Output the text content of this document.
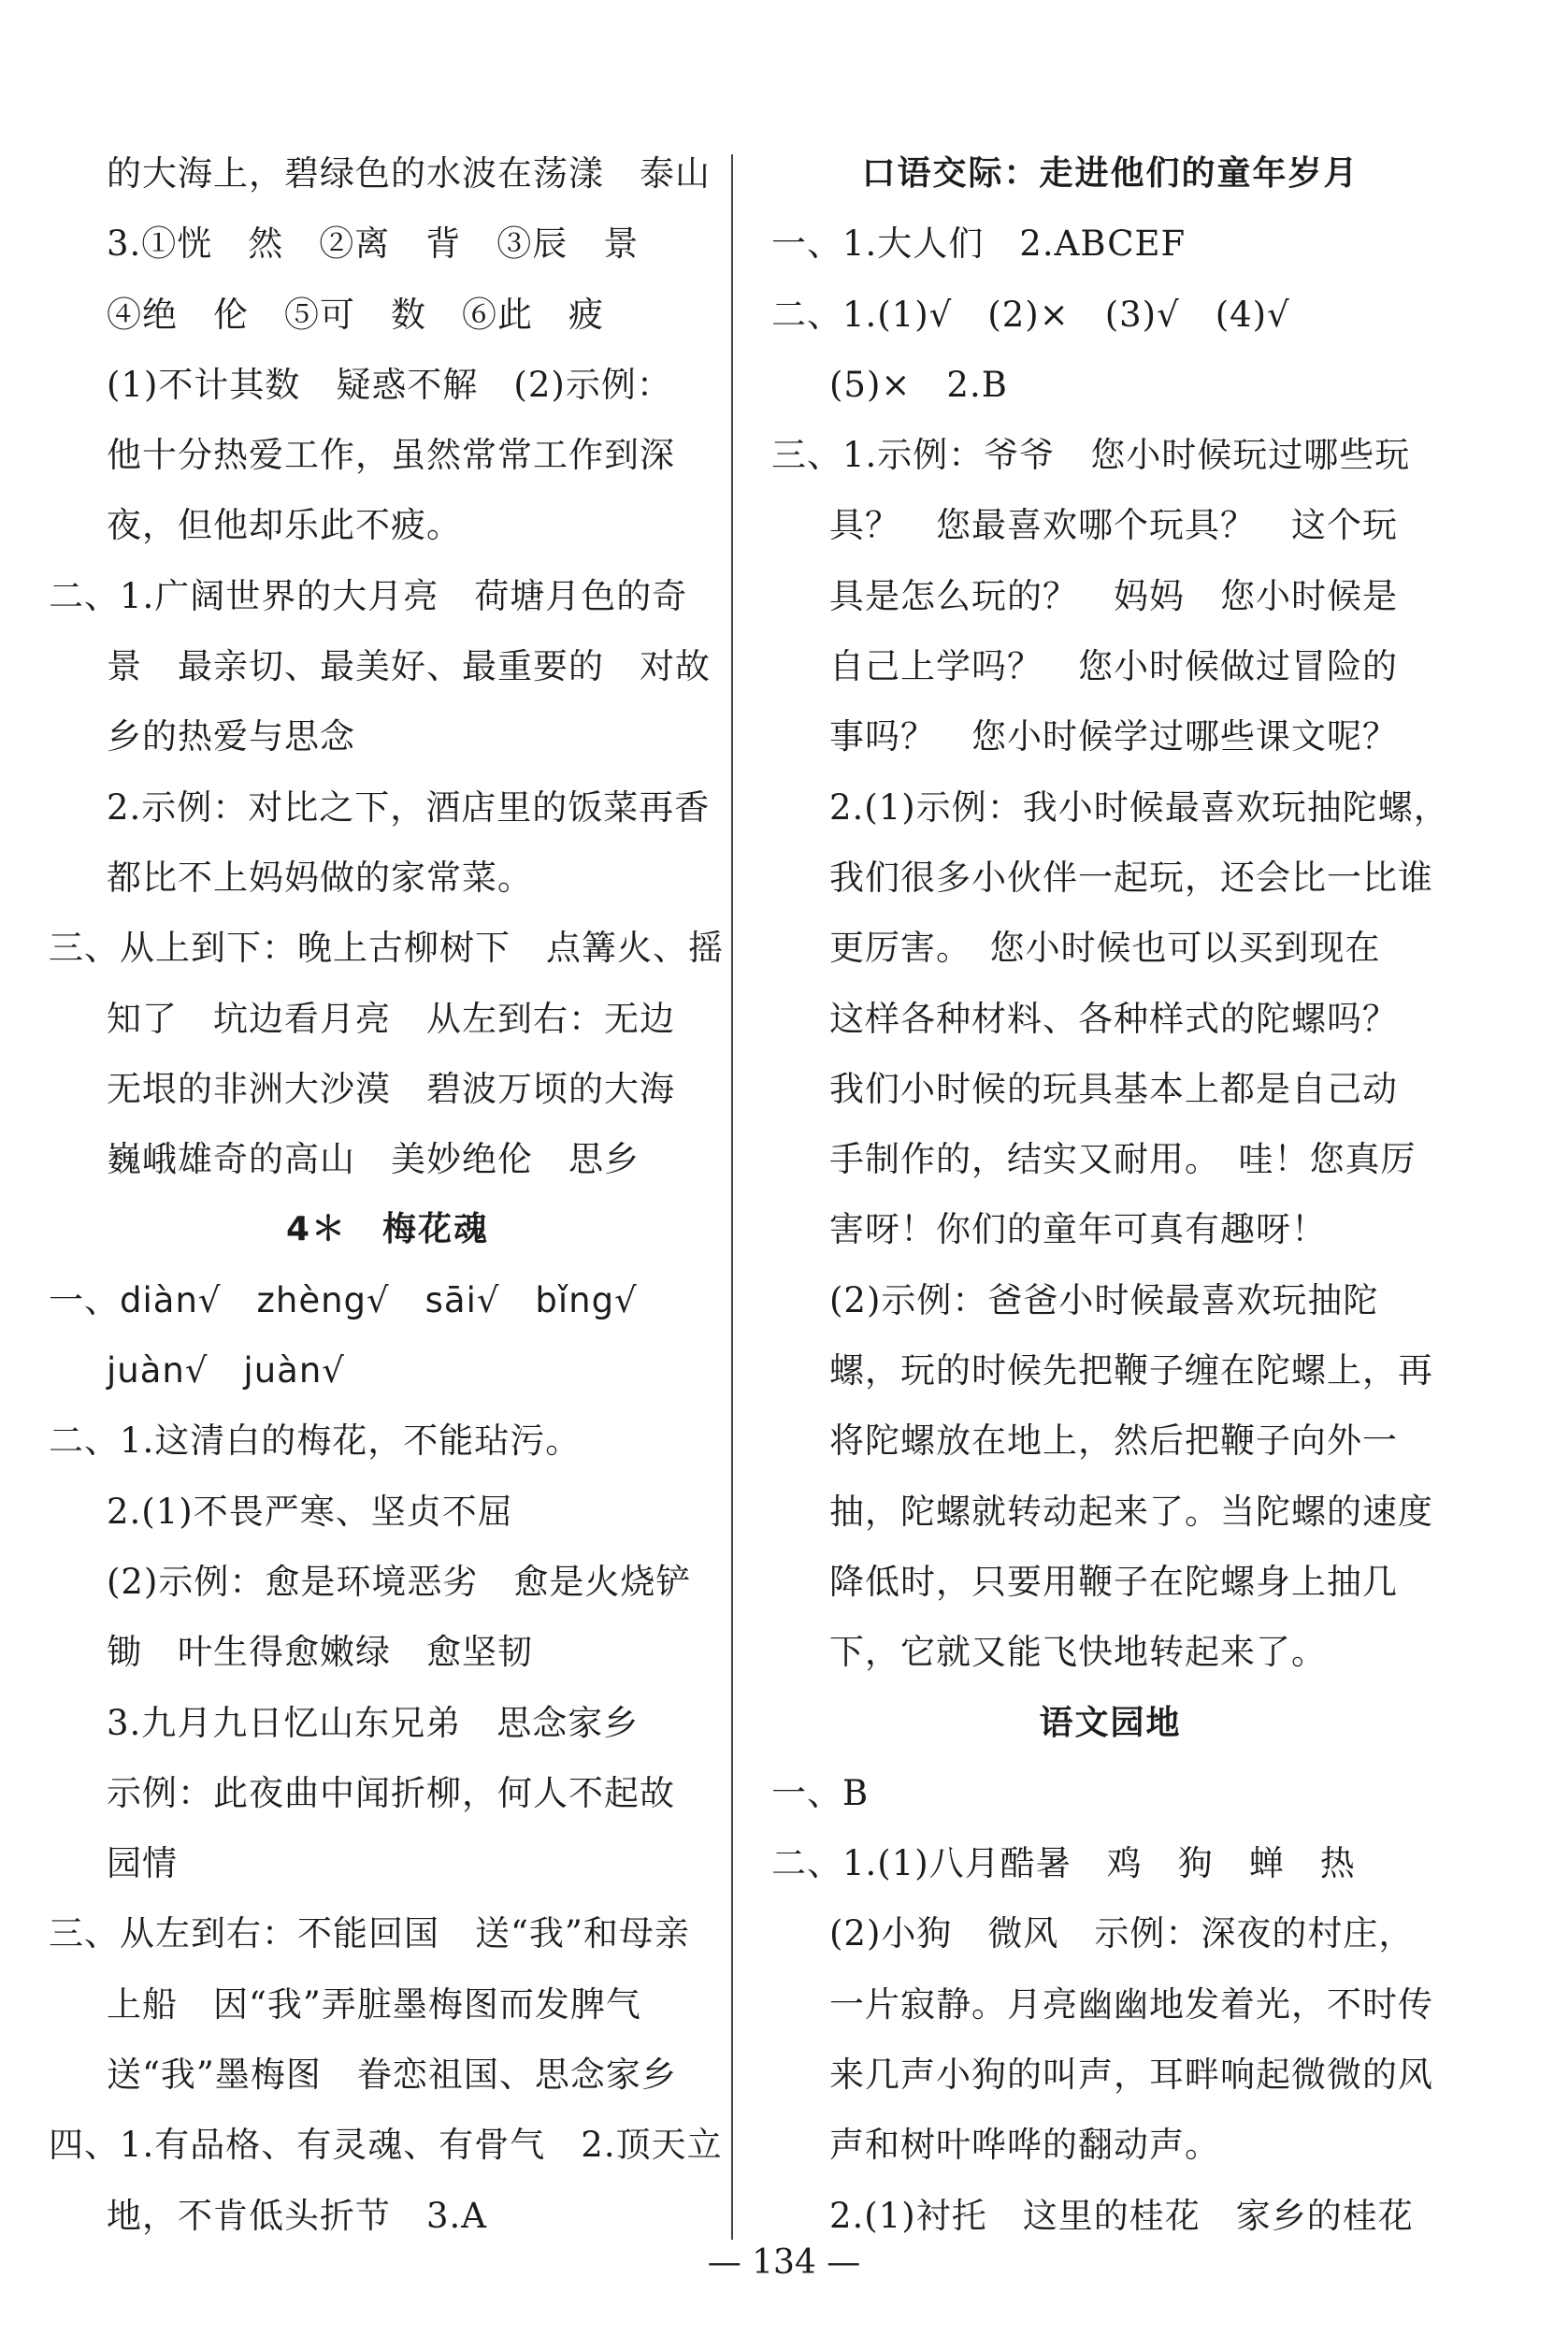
的大海上，碧绿色的水波在荡漾　泰山
3.①恍　然　②离　背　③辰　景
④绝　伦　⑤可　数　⑥此　疲
(1)不计其数　疑惑不解　(2)示例：
他十分热爱工作，虽然常常工作到深
夜，但他却乐此不疲。
二、1.广阔世界的大月亮　荷塘月色的奇
景　最亲切、最美好、最重要的　对故
乡的热爱与思念
2.示例：对比之下，酒店里的饭菜再香
都比不上妈妈做的家常菜。
三、从上到下：晚上古柳树下　点篝火、摇
知了　坑边看月亮　从左到右：无边
无垠的非洲大沙漠　碧波万顷的大海
巍峨雄奇的高山　美妙绝伦　思乡
4＊　梅花魂
一、diàn√　zhèng√　sāi√　bǐng√
juàn√　juàn√
二、1.这清白的梅花，不能玷污。
2.(1)不畏严寒、坚贞不屈
(2)示例：愈是环境恶劣　愈是火烧铲
锄　叶生得愈嫩绿　愈坚韧
3.九月九日忆山东兄弟　思念家乡
示例：此夜曲中闻折柳，何人不起故
园情
三、从左到右：不能回国　送“我”和母亲
上船　因“我”弄脏墨梅图而发脾气
送“我”墨梅图　眷恋祖国、思念家乡
四、1.有品格、有灵魂、有骨气　2.顶天立
地，不肯低头折节　3.A
口语交际：走进他们的童年岁月
一、1.大人们　2.ABCEF
二、1.(1)√　(2)×　(3)√　(4)√
(5)×　2.B
三、1.示例：爷爷　您小时候玩过哪些玩
具？　您最喜欢哪个玩具？　这个玩
具是怎么玩的？　妈妈　您小时候是
自己上学吗？　您小时候做过冒险的
事吗？　您小时候学过哪些课文呢？
2.(1)示例：我小时候最喜欢玩抽陀螺，
我们很多小伙伴一起玩，还会比一比谁
更厉害。　您小时候也可以买到现在
这样各种材料、各种样式的陀螺吗？
我们小时候的玩具基本上都是自己动
手制作的，结实又耐用。　哇！您真厉
害呀！你们的童年可真有趣呀！
(2)示例：爸爸小时候最喜欢玩抽陀
螺，玩的时候先把鞭子缠在陀螺上，再
将陀螺放在地上，然后把鞭子向外一
抽，陀螺就转动起来了。当陀螺的速度
降低时，只要用鞭子在陀螺身上抽几
下，它就又能飞快地转起来了。
语文园地
一、B
二、1.(1)八月酷暑　鸡　狗　蝉　热
(2)小狗　微风　示例：深夜的村庄，
一片寂静。月亮幽幽地发着光，不时传
来几声小狗的叫声，耳畔响起微微的风
声和树叶哗哗的翻动声。
2.(1)衬托　这里的桂花　家乡的桂花
— 134 —
